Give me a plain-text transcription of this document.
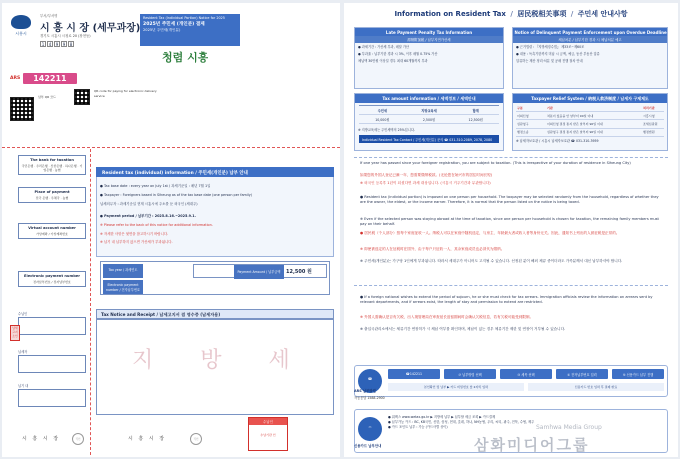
시흥시
부서/부서명
시 흥 시 장 (세무과장)
경기도 시흥시 시청로 20 (장현동)
1	4	9	9	8
Resident Tax (Individual Portion) Notice for 2025
2025년 주민세 (개인분) 결제
2025년 주민세(개인분)
청렴 시흥
ARS	142211
납부 QR 코드
QR code for paying for electronic delivery service
The bank for taxation
국민은행 · 우리은행 · 신한은행 · 하나은행 · 기업은행 · 농협
Place of payment
전국 은행 · 우체국 · 농협
Virtual account number
가상계좌 / 가상계좌번호
Electronic payment number
전자납부번호 / 전자납부번호
수납인
납세 고지 소인
납세자
납기 내
Resident tax (individual) information / 주민세(개인분) 납부 안내
● Tax base date : every year on July 1st / 과세기준일 : 매년 7월 1일
● Taxpayer : Foreigners based in Siheung as of the tax base date (one person per family)
납세의무자 : 과세기준일 현재 시흥시에 주소를 둔 외국인 (세대주)
● Payment period / 납부기간 : 2025.8.16.~2025.9.1.
※ Please refer to the back of this notice for additional information.
※ 자세한 사항은 뒷면을 참고하시기 바랍니다.
※ 납기 내 납부하지 않으면 가산세가 부과됩니다.
Tax year / 과세연도
Electronic payment number / 전자납부번호
Payment Amount / 납부금액	12,500 원
Tax Notice and Receipt / 납세고지서 겸 영수증 (납세자용)
지 방 세
수납인
수납기관 인
시 흥 시 장	직인	시 흥 시 장	직인
Information on Resident Tax / 居民税相关事项 / 주민세 안내사항
Late Payment Penalty Tax Information
滞纳附加税 / 납부지연가산세
● 과세기간 : 가산세 부과, 매달 가산
● 부과율 : 납부기한 경과 시 3%, 이후 매월 0.75% 가산
체납액 30만원 이상일 경우 최대 60개월까지 부과
Notice of Delinquent Payment Enforcement upon Overdue Deadline
체납처분 / 납부기한 경과 시 체납처분 예고
● 근거법령 : 『지방세징수법』 제33조~제60조
● 내용 : 독촉기한까지 미납 시 금액, 예금, 동산 부동산 압류
압류하는 재산 정리·처분 및 공매 진행 절차 안내
Tax amount information / 세액정보 / 세액안내
주민세	지방교육세	합계
10,000원	2,500원	12,500원
※ 지방교육세는 주민세액의 25%입니다.
Individual Resident Tax Contact / 주민세(개인분) 문의 ☎ 031-310-2089, 2078, 2080
Taxpayer Relief System / 納税人救济制度 / 납세자 구제제도
구분	기관	처리기관
이의신청	처분이 있음을 안 날부터 90일 이내	시흥시청
심판청구	이의신청 결정 통지 받은 날부터 90일 이내	조세심판원
행정소송	심판청구 결정 통지 받은 날부터 90일 이내	행정법원
※ 납세자보호관 / 시흥시 납세자보호관 ☎ 031-310-3959
If one year has passed since your foreigner registration, you are subject to taxation. (This is irrespective of your duration of residence in Siheung City)
如果您的外国人登记已满一年，您需要缴纳税款。(无论您在始兴市的居住时间长短)
※ 외국인 등록후 1년이 되셨다면 과세 대상입니다. (시흥시 거주기간과 무관합니다)
● Resident tax (individual portion) is imposed on one person per household. The taxpayer may be selected randomly from the household, regardless of whether they are the owner, the eldest, or the income earner. Therefore, it is normal that the person listed on the notice is being taxed.
※ Even if the selected person was staying abroad at the time of taxation, since one person per household is chosen for taxation, the remaining family members must pay on their behalf.
● 居民税（个人部分）按每个家庭征收一人。纳税人可以在家庭中随机选定，与房主、年龄最大者或收入者等身份无关。因此，通知书上列出的人被征税是正常的。
※ 即使被选定的人在征税时在国外，由于每户只征收一人，其余家庭成员也必须代为缴纳。
※ 주민세(개인분)는 가구당 1인에게 부과됩니다. 따라서 세대주가 아니어도 고지될 수 있습니다. 선정된 분이 해외 체류 중이더라도 가족분께서 대신 납부하셔야 합니다.
● If a foreign national wishes to extend the period of sojourn, he or she must check for tax arrears. Immigration officials review the information on arrears sent by relevant departments, and if arrears exist, the length of stay and permission to extend are restricted.
※ 外国人需确认是否有欠税，出入境管理局在审查延长逗留期间时会确认欠税信息，若有欠税可能受到限制。
※ 출입국관리소에서는 체류기간 연장허가 시 체납 여부를 확인하며, 체납이 있는 경우 체류기간 제한 및 연장이 거부될 수 있습니다.
☎
ARS 납부방법
자동응답 1588-2900
☎142211	② 납부방법 선택	③ 세목 선택	④ 전자납부번호 입력	⑤ 신용카드 납부 진행
본인확인 및 납부 ▶ 카드 비밀번호 앞 2자리 입력	신용카드 번호 입력 후 결제 완료
▭
신용카드 납부안내
● 위택스 www.wetax.go.kr ▶ 지방세 납부 ▶ 납부할 세금 조회 ▶ 카드결제
● 납부가능 카드 : BC, KB국민, 신한, 삼성, 현대, 롯데, 하나, NH농협, 우리, 씨티, 광주, 전북, 수협, 제주
● 카드 포인트 납부 : 가능 (카드사별 상이)	Samhwa Media Group
삼화미디어그룹
